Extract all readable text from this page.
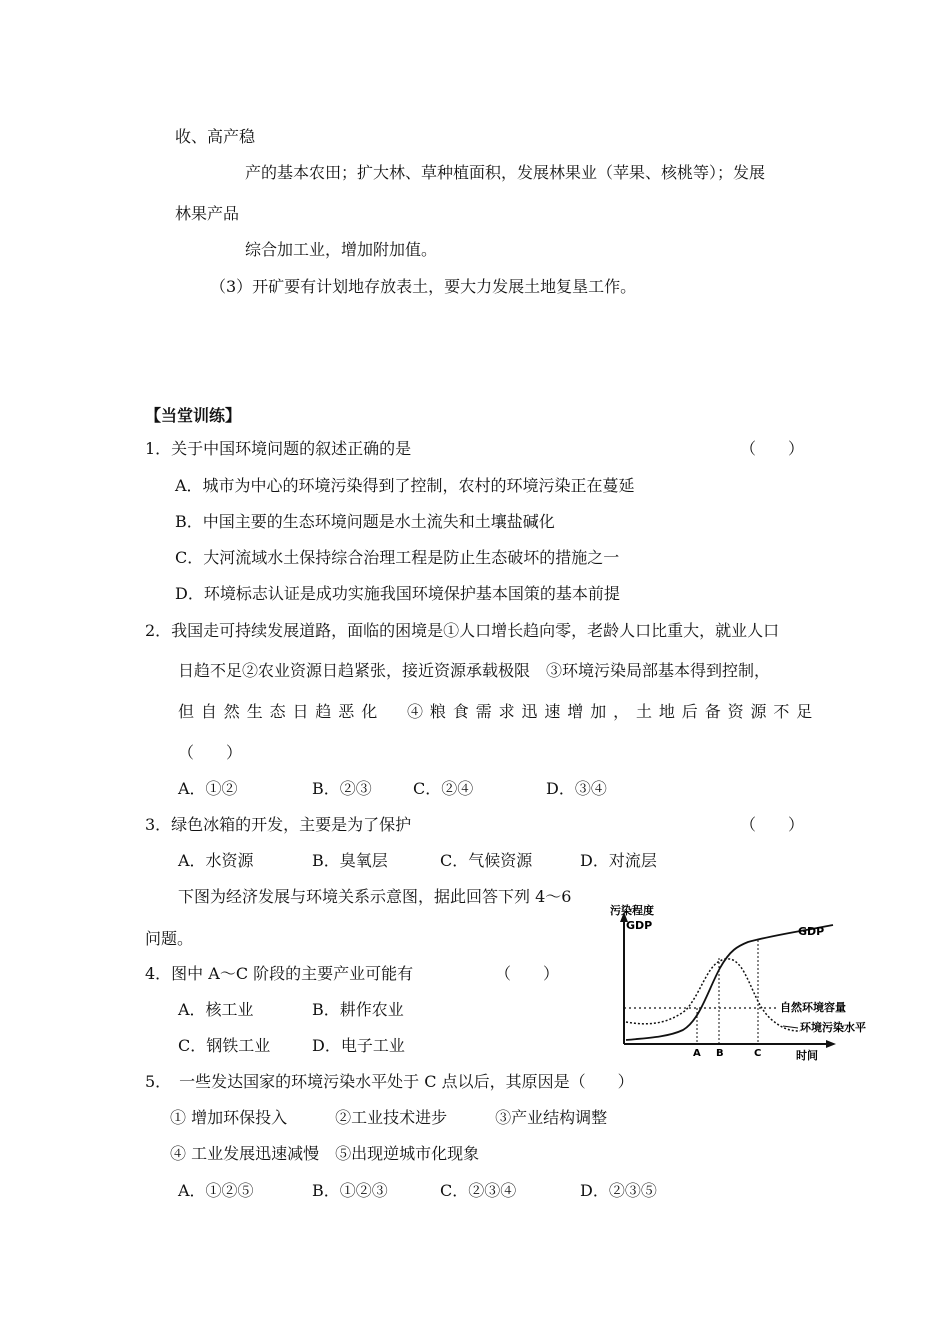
收、高产稳
产的基本农田；扩大林、草种植面积，发展林果业（苹果、核桃等）；发展
林果产品
综合加工业，增加附加值。
（3）开矿要有计划地存放表土，要大力发展土地复垦工作。
【当堂训练】
1．关于中国环境问题的叙述正确的是	（　　）
A．城市为中心的环境污染得到了控制，农村的环境污染正在蔓延
B．中国主要的生态环境问题是水土流失和土壤盐碱化
C．大河流域水土保持综合治理工程是防止生态破坏的措施之一
D．环境标志认证是成功实施我国环境保护基本国策的基本前提
2．我国走可持续发展道路，面临的困境是①人口增长趋向零，老龄人口比重大，就业人口
日趋不足②农业资源日趋紧张，接近资源承载极限　③环境污染局部基本得到控制，
但自然生态日趋恶化　④粮食需求迅速增加，土地后备资源不足
（　　）
A．①②	B．②③	C．②④	D．③④
3．绿色冰箱的开发，主要是为了保护	（　　）
A．水资源	B．臭氧层	C．气候资源	D．对流层
下图为经济发展与环境关系示意图，据此回答下列 4～6
问题。
4．图中 A～C 阶段的主要产业可能有	（　　）
A．核工业	B．耕作农业
C．钢铁工业	D．电子工业
5．　一些发达国家的环境污染水平处于 C 点以后，其原因是（　　）
① 增加环保投入　　　②工业技术进步　　　③产业结构调整
④ 工业发展迅速减慢　⑤出现逆城市化现象
A．①②⑤	B．①②③	C．②③④	D．②③⑤
污染程度
GDP
时间
A B	C
GDP
自然环境容量
环境污染水平
